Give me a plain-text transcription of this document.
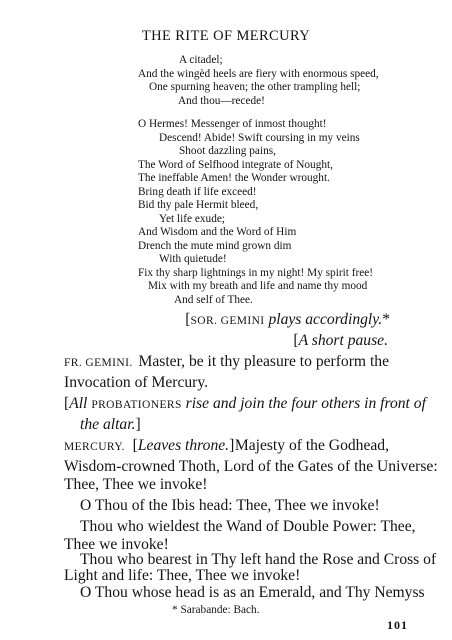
THE RITE OF MERCURY
A citadel;
And the wingèd heels are fiery with enormous speed,
One spurning heaven; the other trampling hell;
And thou—recede!
O Hermes! Messenger of inmost thought!
Descend! Abide! Swift coursing in my veins
Shoot dazzling pains,
The Word of Selfhood integrate of Nought,
The ineffable Amen! the Wonder wrought.
Bring death if life exceed!
Bid thy pale Hermit bleed,
Yet life exude;
And Wisdom and the Word of Him
Drench the mute mind grown dim
With quietude!
Fix thy sharp lightnings in my night! My spirit free!
Mix with my breath and life and name thy mood
And self of Thee.
[SOR. GEMINI plays accordingly.*
[A short pause.
FR. GEMINI. Master, be it thy pleasure to perform the
Invocation of Mercury.
[All PROBATIONERS rise and join the four others in front of
the altar.]
MERCURY. [Leaves throne.] Majesty of the Godhead,
Wisdom-crowned Thoth, Lord of the Gates of the Universe:
Thee, Thee we invoke!
O Thou of the Ibis head: Thee, Thee we invoke!
Thou who wieldest the Wand of Double Power: Thee,
Thee we invoke!
Thou who bearest in Thy left hand the Rose and Cross of
Light and life: Thee, Thee we invoke!
O Thou whose head is as an Emerald, and Thy Nemyss
* Sarabande: Bach.
101
